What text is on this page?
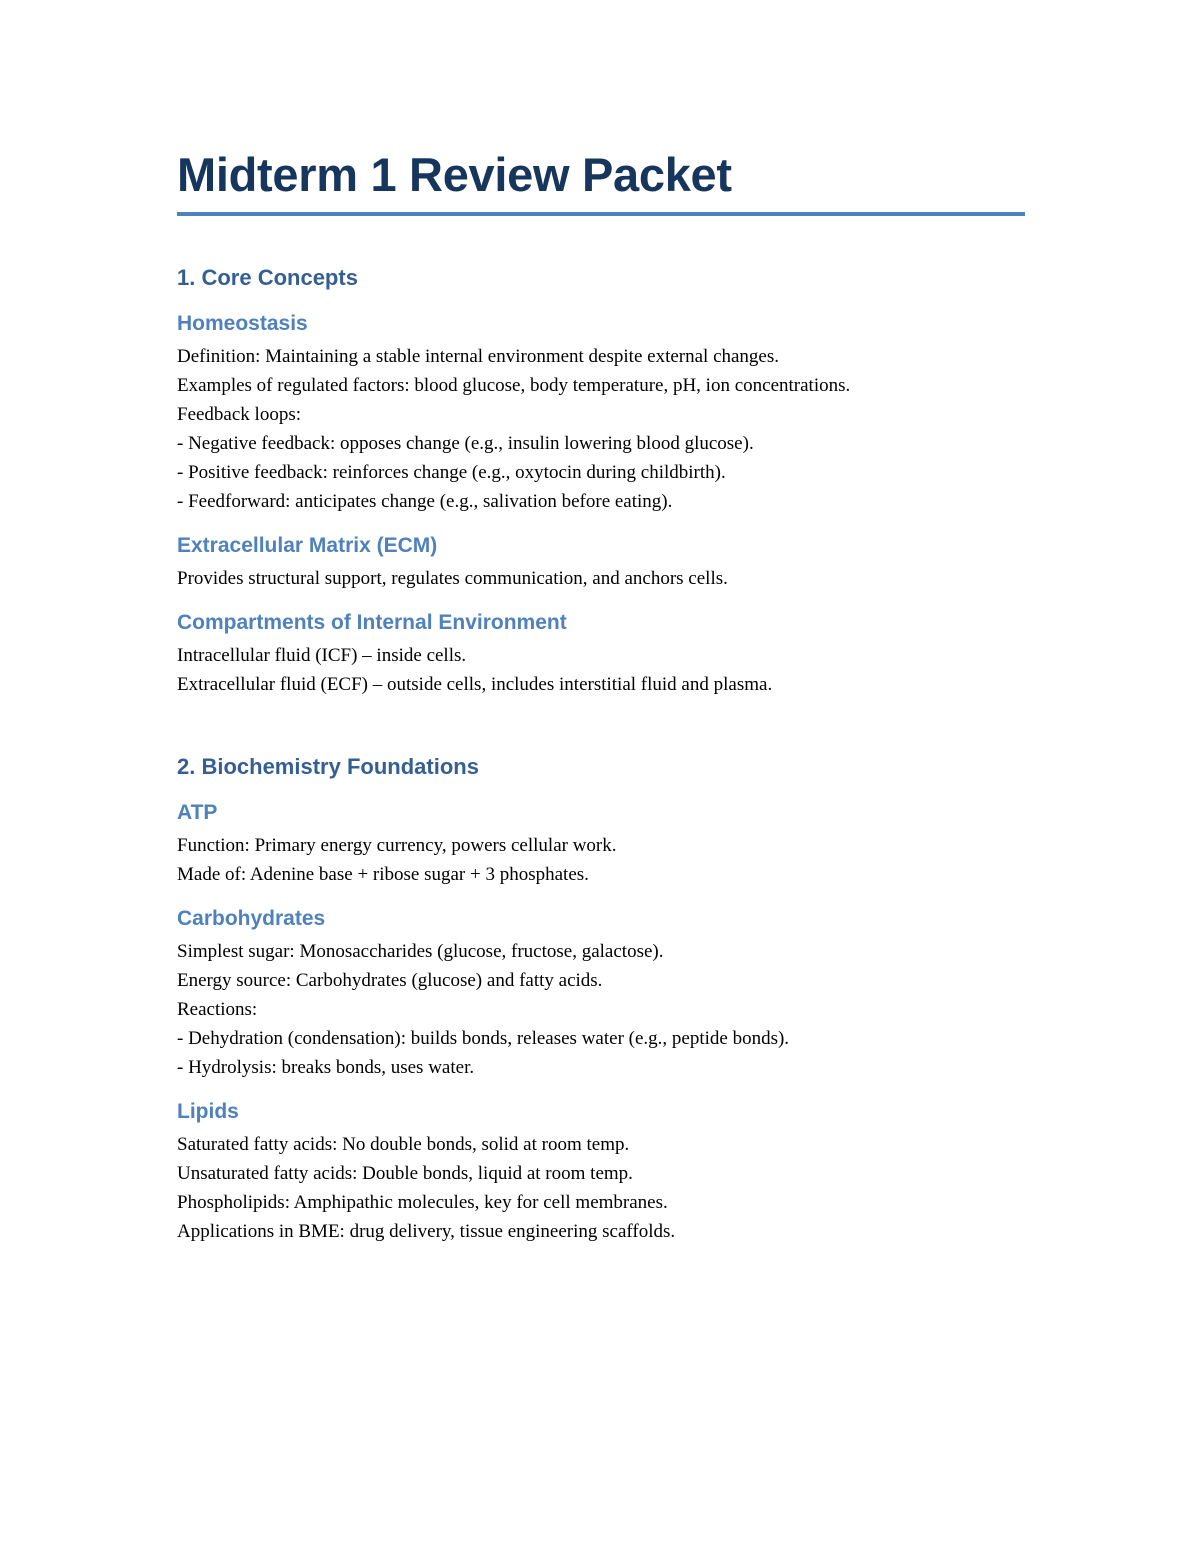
Midterm 1 Review Packet
1. Core Concepts
Homeostasis

Definition: Maintaining a stable internal environment despite external changes.

Examples of regulated factors: blood glucose, body temperature, pH, ion concentrations.

Feedback loops:

- Negative feedback: opposes change (e.g., insulin lowering blood glucose).

- Positive feedback: reinforces change (e.g., oxytocin during childbirth).

- Feedforward: anticipates change (e.g., salivation before eating).

Extracellular Matrix (ECM)

Provides structural support, regulates communication, and anchors cells.

Compartments of Internal Environment

Intracellular fluid (ICF) – inside cells.

Extracellular fluid (ECF) – outside cells, includes interstitial fluid and plasma.

2. Biochemistry Foundations
ATP

Function: Primary energy currency, powers cellular work.

Made of: Adenine base + ribose sugar + 3 phosphates.

Carbohydrates

Simplest sugar: Monosaccharides (glucose, fructose, galactose).

Energy source: Carbohydrates (glucose) and fatty acids.

Reactions:

- Dehydration (condensation): builds bonds, releases water (e.g., peptide bonds).

- Hydrolysis: breaks bonds, uses water.

Lipids

Saturated fatty acids: No double bonds, solid at room temp.

Unsaturated fatty acids: Double bonds, liquid at room temp.

Phospholipids: Amphipathic molecules, key for cell membranes.

Applications in BME: drug delivery, tissue engineering scaffolds.
